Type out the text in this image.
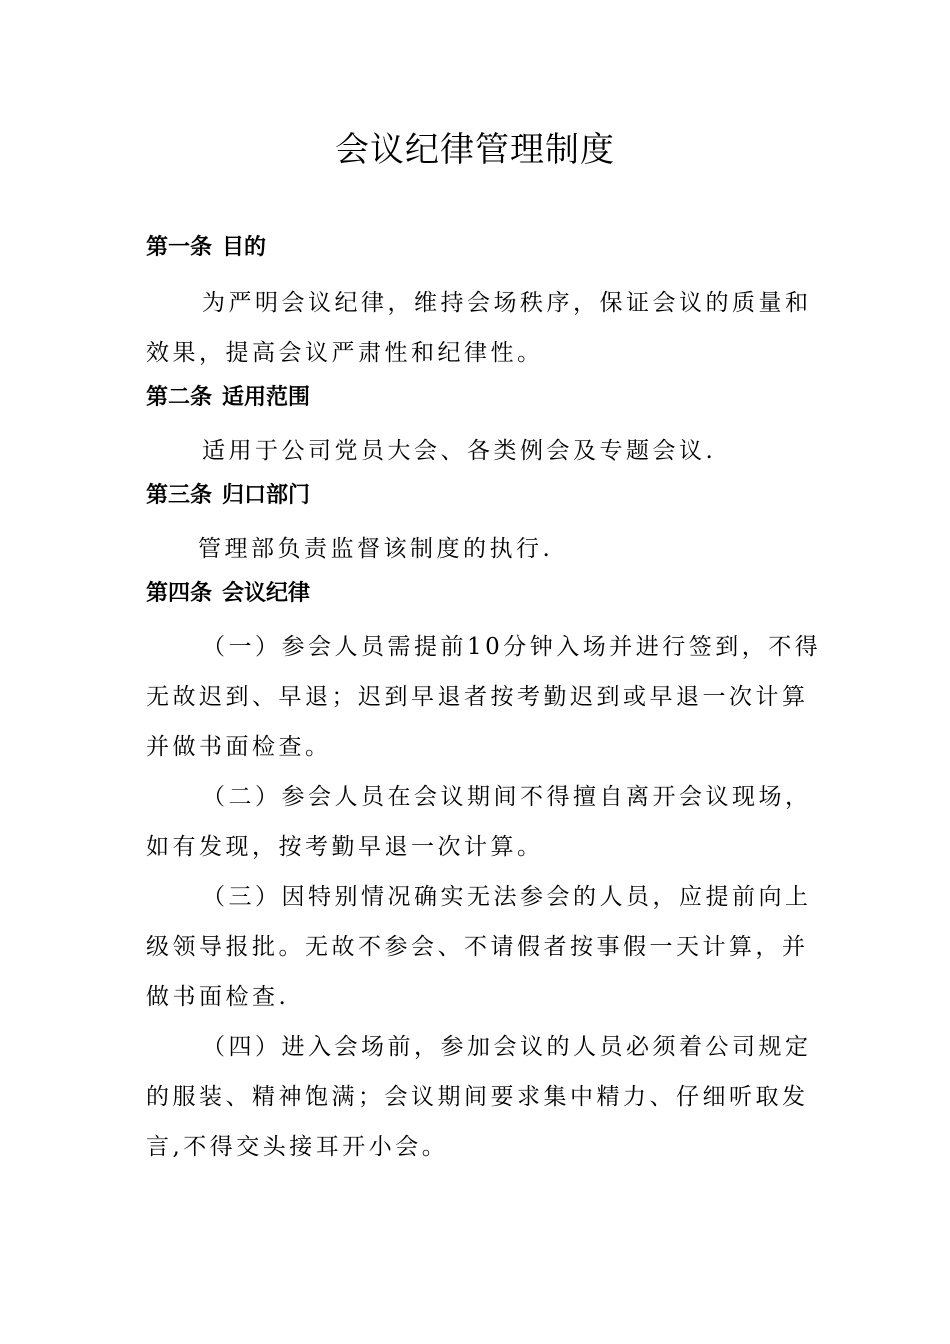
会议纪律管理制度
第一条 目的

为严明会议纪律，维持会场秩序，保证会议的质量和
效果，提高会议严肃性和纪律性。

第二条 适用范围

适用于公司党员大会、各类例会及专题会议.

第三条 归口部门

管理部负责监督该制度的执行.

第四条 会议纪律

（一）参会人员需提前10分钟入场并进行签到，不得
无故迟到、早退；迟到早退者按考勤迟到或早退一次计算
并做书面检查。

（二）参会人员在会议期间不得擅自离开会议现场，
如有发现，按考勤早退一次计算。

（三）因特别情况确实无法参会的人员，应提前向上
级领导报批。无故不参会、不请假者按事假一天计算，并
做书面检查.

（四）进入会场前，参加会议的人员必须着公司规定
的服装、精神饱满；会议期间要求集中精力、仔细听取发
言,不得交头接耳开小会。
